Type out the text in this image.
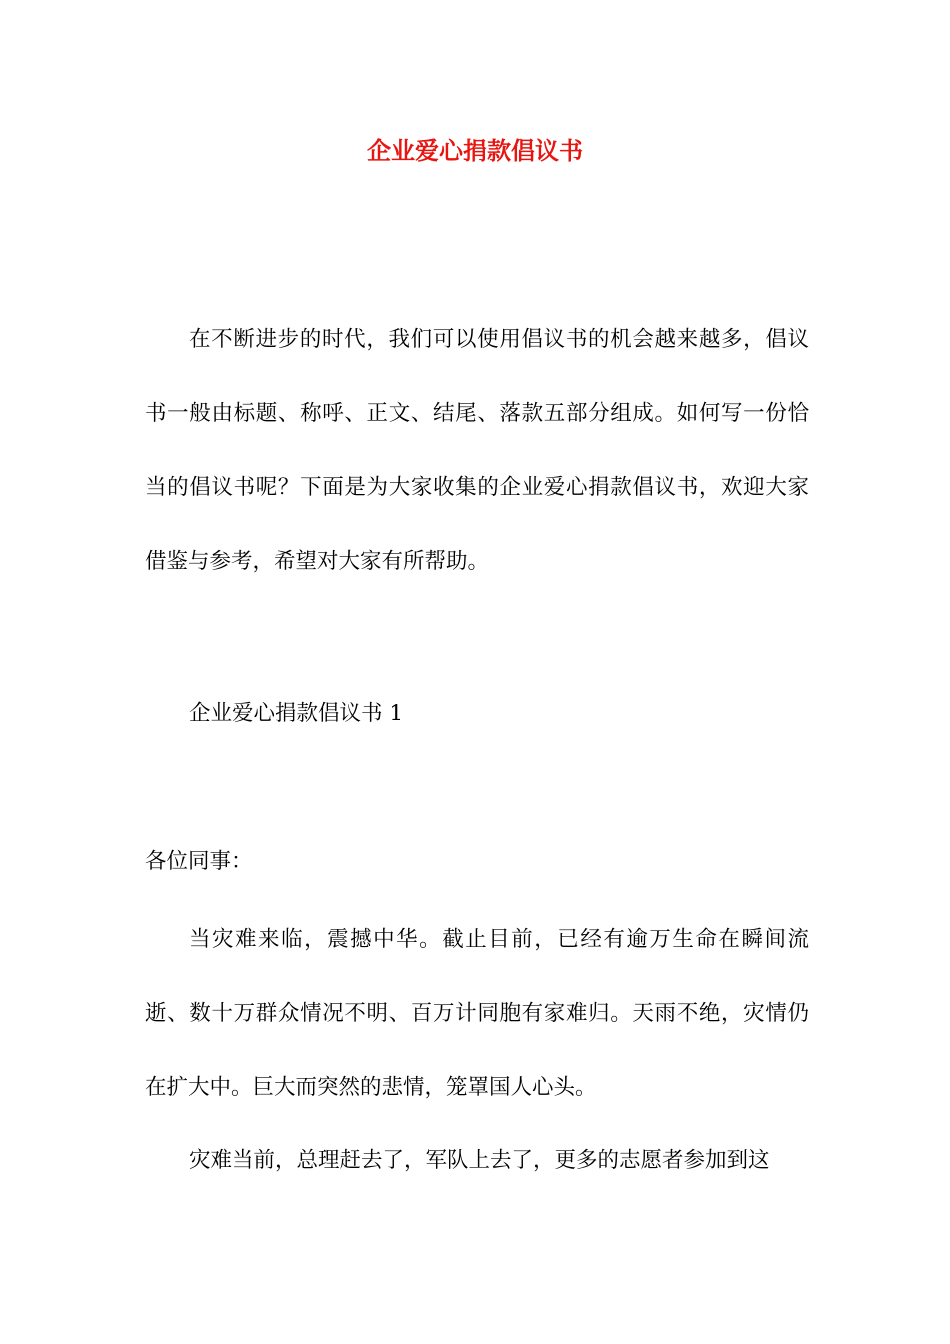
企业爱心捐款倡议书

在不断进步的时代，我们可以使用倡议书的机会越来越多，倡议书一般由标题、称呼、正文、结尾、落款五部分组成。如何写一份恰当的倡议书呢？下面是为大家收集的企业爱心捐款倡议书，欢迎大家借鉴与参考，希望对大家有所帮助。

企业爱心捐款倡议书 1

各位同事：

当灾难来临，震撼中华。截止目前，已经有逾万生命在瞬间流逝、数十万群众情况不明、百万计同胞有家难归。天雨不绝，灾情仍在扩大中。巨大而突然的悲情，笼罩国人心头。

灾难当前，总理赶去了，军队上去了，更多的志愿者参加到这
